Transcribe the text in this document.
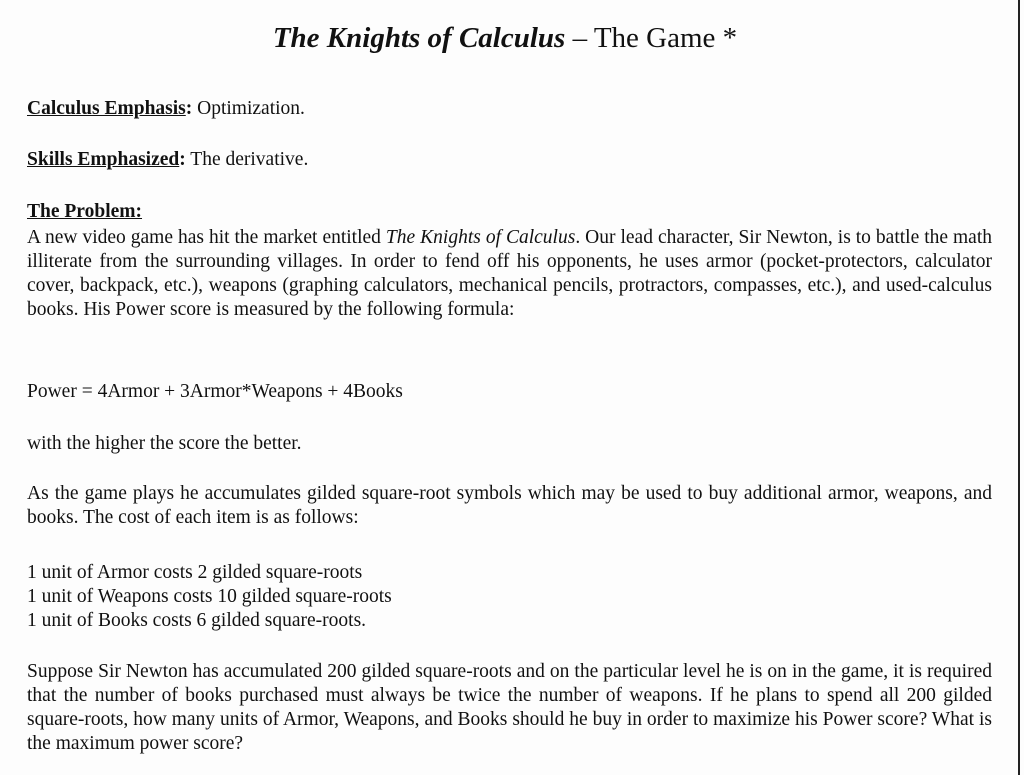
The Knights of Calculus – The Game *
Calculus Emphasis: Optimization.
Skills Emphasized: The derivative.
The Problem:
A new video game has hit the market entitled The Knights of Calculus. Our lead character, Sir Newton, is to battle the math illiterate from the surrounding villages. In order to fend off his opponents, he uses armor (pocket-protectors, calculator cover, backpack, etc.), weapons (graphing calculators, mechanical pencils, protractors, compasses, etc.), and used-calculus books. His Power score is measured by the following formula:
Power = 4Armor + 3Armor*Weapons + 4Books
with the higher the score the better.
As the game plays he accumulates gilded square-root symbols which may be used to buy additional armor, weapons, and books. The cost of each item is as follows:
1 unit of Armor costs 2 gilded square-roots
1 unit of Weapons costs 10 gilded square-roots
1 unit of Books costs 6 gilded square-roots.
Suppose Sir Newton has accumulated 200 gilded square-roots and on the particular level he is on in the game, it is required that the number of books purchased must always be twice the number of weapons. If he plans to spend all 200 gilded square-roots, how many units of Armor, Weapons, and Books should he buy in order to maximize his Power score? What is the maximum power score?
